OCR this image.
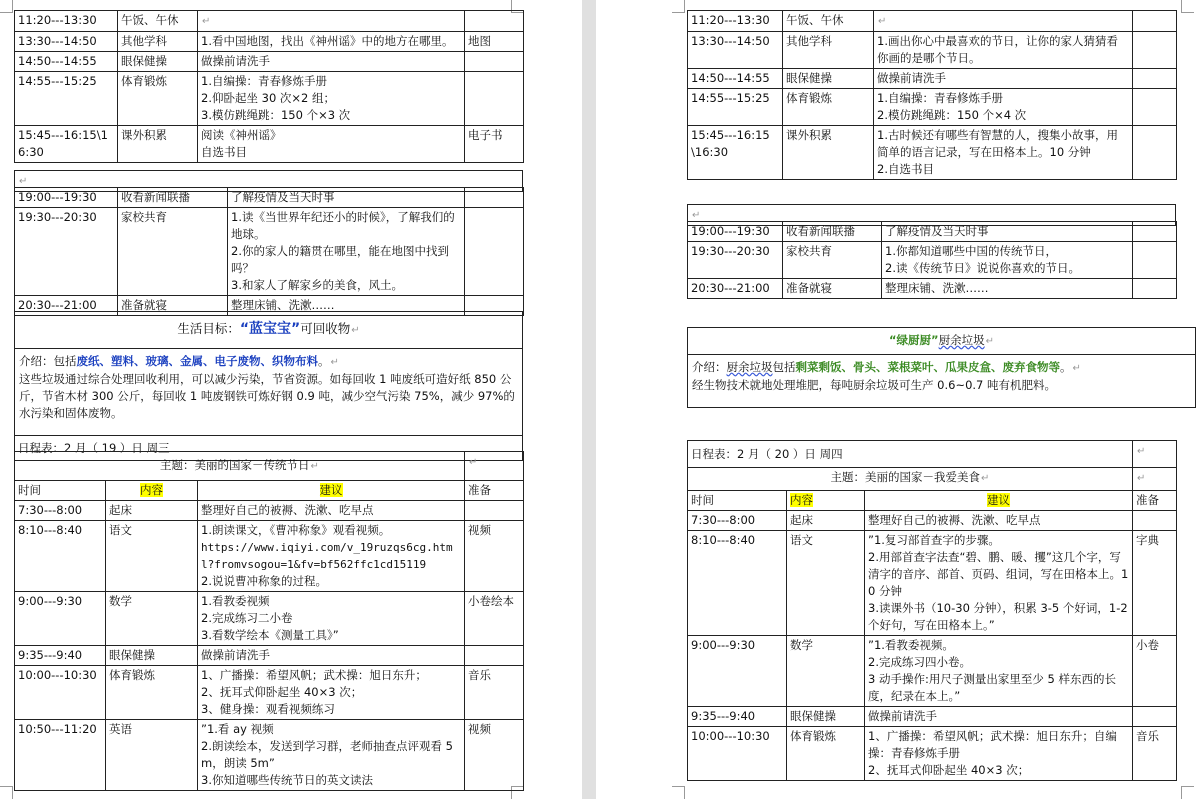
11:20---13:30	午饭、午休	↵	
13:30---14:50	其他学科	1.看中国地图，找出《神州谣》中的地方在哪里。	地图
14:50---14:55	眼保健操	做操前请洗手	

14:55---15:25	体育锻炼	1.自编操：青春修炼手册
2.仰卧起坐 30 次×2 组；
3.模仿跳绳跳：150 个×3 次	

15:45---16:15\16:30	课外积累	阅读《神州谣》
自选书目	电子书
↵
19:00---19:30	收看新闻联播	了解疫情及当天时事	

19:30---20:30	家校共育	1.读《当世界年纪还小的时候》，了解我们的地球。
2.你的家人的籍贯在哪里，能在地图中找到吗？
3.和家人了解家乡的美食，风土。	

20:30---21:00	准备就寝	整理床铺、洗漱……	

生活目标：“蓝宝宝”可回收物↵

介绍：包括废纸、塑料、玻璃、金属、电子废物、织物布料。↵
这些垃圾通过综合处理回收利用，可以减少污染，节省资源。如每回收 1 吨废纸可造好纸 850 公斤，节省木材 300 公斤，每回收 1 吨废钢铁可炼好钢 0.9 吨，减少空气污染 75%，减少 97%的水污染和固体废物。

日程表：2 月（ 19 ）日 周三
主题：美丽的国家－传统节日↵			↵
时间	内容	建议	准备
7:30---8:00	起床	整理好自己的被褥、洗漱、吃早点	

8:10---8:40	语文	1.朗读课文，《曹冲称象》观看视频。
https://www.iqiyi.com/v_19ruzqs6cg.html?fromvsogou=1&fv=bf562ffc1cd15119
2.说说曹冲称象的过程。	视频
9:00---9:30	数学	1.看教委视频
2.完成练习二小卷
3.看数学绘本《测量工具》”	小卷绘本
9:35---9:40	眼保健操	做操前请洗手	

10:00---10:30	体育锻炼	1、广播操：希望风帆；武术操：旭日东升；
2、抚耳式仰卧起坐 40×3 次；
3、健身操：观看视频练习	音乐
10:50---11:20	英语	”1.看 ay 视频
2.朗读绘本，发送到学习群，老师抽查点评观看 5m，朗读 5m”
3.你知道哪些传统节日的英文读法	视频
11:20---13:30	午饭、午休	↵	
13:30---14:50	其他学科	1.画出你心中最喜欢的节日，让你的家人猜猜看你画的是哪个节日。	

14:50---14:55	眼保健操	做操前请洗手	

14:55---15:25	体育锻炼	1.自编操：青春修炼手册
2.模仿跳绳跳：150 个×4 次	

15:45---16:15\16:30	课外积累	1.古时候还有哪些有智慧的人，搜集小故事，用简单的语言记录，写在田格本上。10 分钟
2.自选书目	

↵
19:00---19:30	收看新闻联播	了解疫情及当天时事	

19:30---20:30	家校共育	1.你都知道哪些中国的传统节日，
2.读《传统节日》说说你喜欢的节日。	

20:30---21:00	准备就寝	整理床铺、洗漱……	

“绿厨厨”厨余垃圾↵

介绍：厨余垃圾包括剩菜剩饭、骨头、菜根菜叶、瓜果皮盒、废弃食物等。↵
经生物技术就地处理堆肥，每吨厨余垃圾可生产 0.6~0.7 吨有机肥料。
日程表：2 月（ 20 ）日 周四			↵
主题：美丽的国家－我爱美食↵			↵
时间	内容	建议	准备
7:30---8:00	起床	整理好自己的被褥、洗漱、吃早点	

8:10---8:40	语文	”1.复习部首查字的步骤。
2.用部首查字法查“碧、鹏、暖、攫”这几个字，写清字的音序、部首、页码、组词，写在田格本上。10 分钟
3.读课外书（10-30 分钟），积累 3-5 个好词，1-2 个好句，写在田格本上。”	字典
9:00---9:30	数学	”1.看教委视频。
2.完成练习四小卷。
3 动手操作:用尺子测量出家里至少 5 样东西的长度，纪录在本上。”	小卷
9:35---9:40	眼保健操	做操前请洗手	

10:00---10:30	体育锻炼	1、广播操：希望风帆；武术操：旭日东升；自编操：青春修炼手册
2、抚耳式仰卧起坐 40×3 次；	音乐
